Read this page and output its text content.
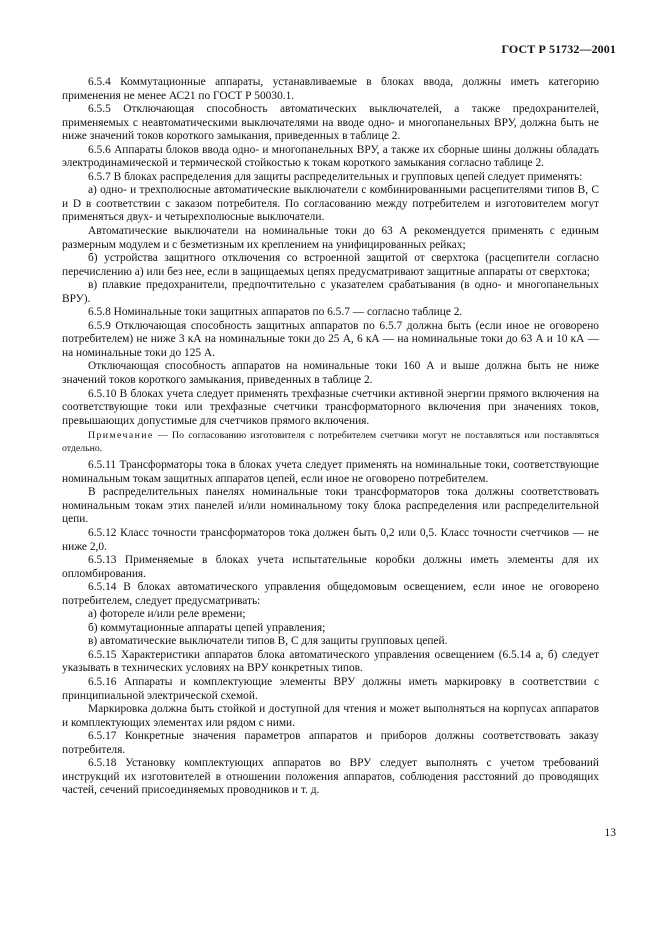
ГОСТ Р 51732—2001

6.5.4 Коммутационные аппараты, устанавливаемые в блоках ввода, должны иметь категорию применения не менее АС21 по ГОСТ Р 50030.1.

6.5.5 Отключающая способность автоматических выключателей, а также предохранителей, применяемых с неавтоматическими выключателями на вводе одно- и многопанельных ВРУ, должна быть не ниже значений токов короткого замыкания, приведенных в таблице 2.

6.5.6 Аппараты блоков ввода одно- и многопанельных ВРУ, а также их сборные шины должны обладать электродинамической и термической стойкостью к токам короткого замыкания согласно таблице 2.

6.5.7 В блоках распределения для защиты распределительных и групповых цепей следует применять:

а) одно- и трехполюсные автоматические выключатели с комбинированными расцепителями типов В, С и D в соответствии с заказом потребителя. По согласованию между потребителем и изготовителем могут применяться двух- и четырехполюсные выключатели.

Автоматические выключатели на номинальные токи до 63 А рекомендуется применять с единым размерным модулем и с безметизным их креплением на унифицированных рейках;

б) устройства защитного отключения со встроенной защитой от сверхтока (расцепители согласно перечислению а) или без нее, если в защищаемых цепях предусматривают защитные аппараты от сверхтока;

в) плавкие предохранители, предпочтительно с указателем срабатывания (в одно- и многопанельных ВРУ).

6.5.8 Номинальные токи защитных аппаратов по 6.5.7 — согласно таблице 2.

6.5.9 Отключающая способность защитных аппаратов по 6.5.7 должна быть (если иное не оговорено потребителем) не ниже 3 кА на номинальные токи до 25 А, 6 кА — на номинальные токи до 63 А и 10 кА — на номинальные токи до 125 А.

Отключающая способность аппаратов на номинальные токи 160 А и выше должна быть не ниже значений токов короткого замыкания, приведенных в таблице 2.

6.5.10 В блоках учета следует применять трехфазные счетчики активной энергии прямого включения на соответствующие токи или трехфазные счетчики трансформаторного включения при значениях токов, превышающих допустимые для счетчиков прямого включения.

Примечание — По согласованию изготовителя с потребителем счетчики могут не поставляться или поставляться отдельно.

6.5.11 Трансформаторы тока в блоках учета следует применять на номинальные токи, соответствующие номинальным токам защитных аппаратов цепей, если иное не оговорено потребителем.

В распределительных панелях номинальные токи трансформаторов тока должны соответствовать номинальным токам этих панелей и/или номинальному току блока распределения или распределительной цепи.

6.5.12 Класс точности трансформаторов тока должен быть 0,2 или 0,5. Класс точности счетчиков — не ниже 2,0.

6.5.13 Применяемые в блоках учета испытательные коробки должны иметь элементы для их опломбирования.

6.5.14 В блоках автоматического управления общедомовым освещением, если иное не оговорено потребителем, следует предусматривать:

а) фотореле и/или реле времени;

б) коммутационные аппараты цепей управления;

в) автоматические выключатели типов В, С для защиты групповых цепей.

6.5.15 Характеристики аппаратов блока автоматического управления освещением (6.5.14 а, б) следует указывать в технических условиях на ВРУ конкретных типов.

6.5.16 Аппараты и комплектующие элементы ВРУ должны иметь маркировку в соответствии с принципиальной электрической схемой.

Маркировка должна быть стойкой и доступной для чтения и может выполняться на корпусах аппаратов и комплектующих элементах или рядом с ними.

6.5.17 Конкретные значения параметров аппаратов и приборов должны соответствовать заказу потребителя.

6.5.18 Установку комплектующих аппаратов во ВРУ следует выполнять с учетом требований инструкций их изготовителей в отношении положения аппаратов, соблюдения расстояний до проводящих частей, сечений присоединяемых проводников и т. д.

13
